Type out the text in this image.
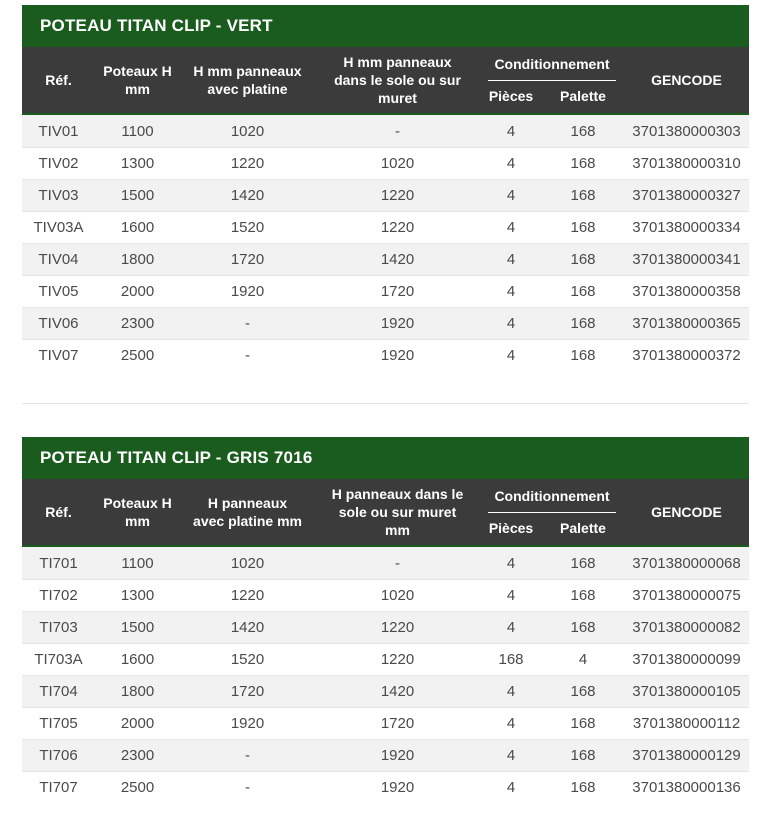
POTEAU TITAN CLIP - VERT
Réf.
Poteaux H mm
H mm panneaux avec platine
H mm panneaux dans le sole ou sur muret
Conditionnement
Pièces	Palette
GENCODE
TIV01	1100	1020	-	4	168	3701380000303
TIV02	1300	1220	1020	4	168	3701380000310
TIV03	1500	1420	1220	4	168	3701380000327
TIV03A	1600	1520	1220	4	168	3701380000334
TIV04	1800	1720	1420	4	168	3701380000341
TIV05	2000	1920	1720	4	168	3701380000358
TIV06	2300	-	1920	4	168	3701380000365
TIV07	2500	-	1920	4	168	3701380000372
POTEAU TITAN CLIP - GRIS 7016
Réf.
Poteaux H mm
H panneaux avec platine mm
H panneaux dans le sole ou sur muret mm
Conditionnement
Pièces	Palette
GENCODE
TI701	1100	1020	-	4	168	3701380000068
TI702	1300	1220	1020	4	168	3701380000075
TI703	1500	1420	1220	4	168	3701380000082
TI703A	1600	1520	1220	168	4	3701380000099
TI704	1800	1720	1420	4	168	3701380000105
TI705	2000	1920	1720	4	168	3701380000112
TI706	2300	-	1920	4	168	3701380000129
TI707	2500	-	1920	4	168	3701380000136
